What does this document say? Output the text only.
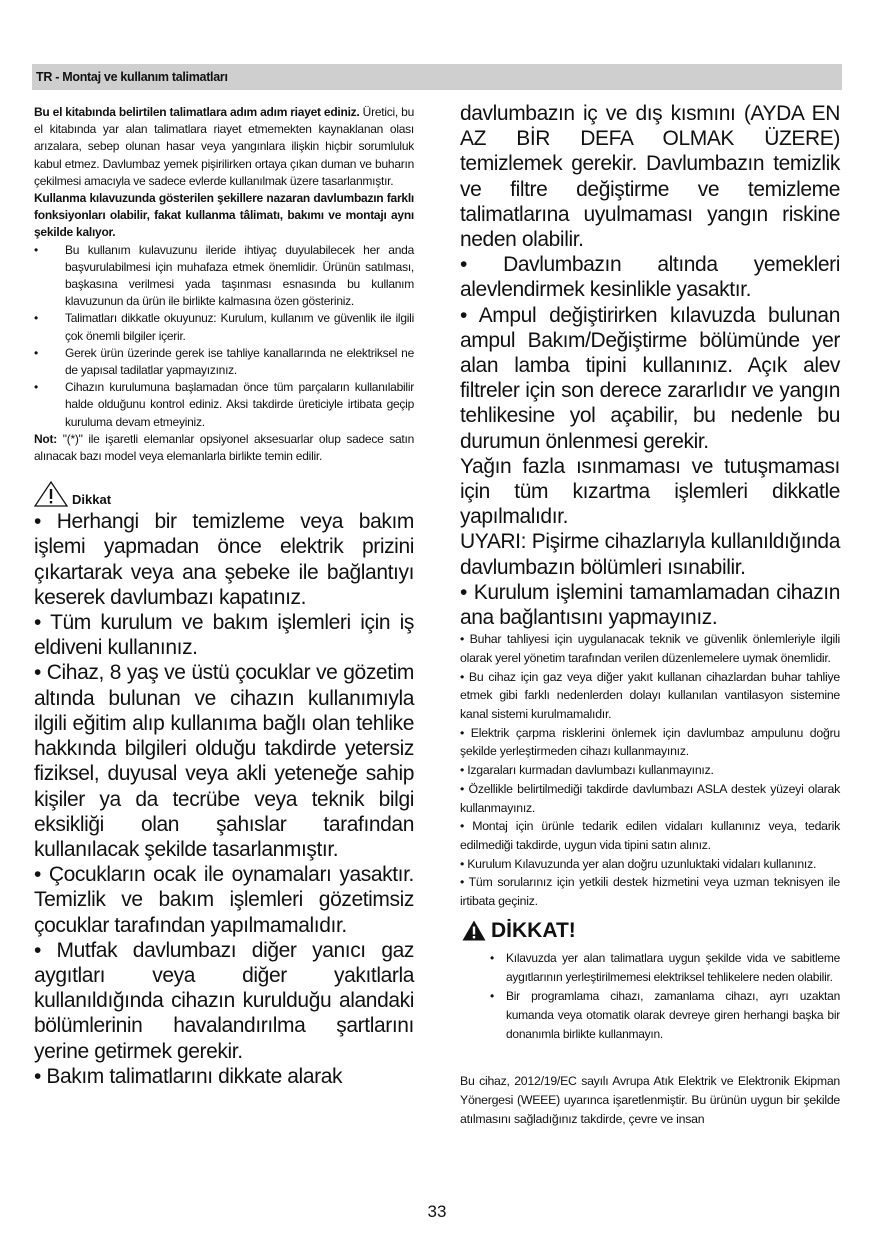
TR - Montaj ve kullanım talimatları
Bu el kitabında belirtilen talimatlara adım adım riayet ediniz. Üretici, bu el kitabında yar alan talimatlara riayet etmemekten kaynaklanan olası arızalara, sebep olunan hasar veya yangınlara ilişkin hiçbir sorumluluk kabul etmez. Davlumbaz yemek pişirilirken ortaya çıkan duman ve buharın çekilmesi amacıyla ve sadece evlerde kullanılmak üzere tasarlanmıştır.
Kullanma kılavuzunda gösterilen şekillere nazaran davlumbazın farklı fonksiyonları olabilir, fakat kullanma tâlimatı, bakımı ve montajı aynı şekilde kalıyor.
• Bu kullanım kulavuzunu ileride ihtiyaç duyulabilecek her anda başvurulabilmesi için muhafaza etmek önemlidir. Ürünün satılması, başkasına verilmesi yada taşınması esnasında bu kullanım klavuzunun da ürün ile birlikte kalmasına özen gösteriniz.
• Talimatları dikkatle okuyunuz: Kurulum, kullanım ve güvenlik ile ilgili çok önemli bilgiler içerir.
• Gerek ürün üzerinde gerek ise tahliye kanallarında ne elektriksel ne de yapısal tadilatlar yapmayızınız.
• Cihazın kurulumuna başlamadan önce tüm parçaların kullanılabilir halde olduğunu kontrol ediniz. Aksi takdirde üreticiyle irtibata geçip kuruluma devam etmeyiniz.
Not: "(*)" ile işaretli elemanlar opsiyonel aksesuarlar olup sadece satın alınacak bazı model veya elemanlarla birlikte temin edilir.
Dikkat

• Herhangi bir temizleme veya bakım işlemi yapmadan önce elektrik prizini çıkartarak veya ana şebeke ile bağlantıyı keserek davlumbazı kapatınız.

• Tüm kurulum ve bakım işlemleri için iş eldiveni kullanınız.

• Cihaz, 8 yaş ve üstü çocuklar ve gözetim altında bulunan ve cihazın kullanımıyla ilgili eğitim alıp kullanıma bağlı olan tehlike hakkında bilgileri olduğu takdirde yetersiz fiziksel, duyusal veya akli yeteneğe sahip kişiler ya da tecrübe veya teknik bilgi eksikliği olan şahıslar tarafından kullanılacak şekilde tasarlanmıştır.

• Çocukların ocak ile oynamaları yasaktır. Temizlik ve bakım işlemleri gözetimsiz çocuklar tarafından yapılmamalıdır.

• Mutfak davlumbazı diğer yanıcı gaz aygıtları veya diğer yakıtlarla kullanıldığında cihazın kurulduğu alandaki bölümlerinin havalandırılma şartlarını yerine getirmek gerekir.

• Bakım talimatlarını dikkate alarak

davlumbazın iç ve dış kısmını (AYDA EN AZ BİR DEFA OLMAK ÜZERE) temizlemek gerekir. Davlumbazın temizlik ve filtre değiştirme ve temizleme talimatlarına uyulmaması yangın riskine neden olabilir.

• Davlumbazın altında yemekleri alevlendirmek kesinlikle yasaktır.

• Ampul değiştirirken kılavuzda bulunan ampul Bakım/Değiştirme bölümünde yer alan lamba tipini kullanınız. Açık alev filtreler için son derece zararlıdır ve yangın tehlikesine yol açabilir, bu nedenle bu durumun önlenmesi gerekir.

Yağın fazla ısınmaması ve tutuşmaması için tüm kızartma işlemleri dikkatle yapılmalıdır.

UYARI: Pişirme cihazlarıyla kullanıldığında davlumbazın bölümleri ısınabilir.

• Kurulum işlemini tamamlamadan cihazın ana bağlantısını yapmayınız.

• Buhar tahliyesi için uygulanacak teknik ve güvenlik önlemleriyle ilgili olarak yerel yönetim tarafından verilen düzenlemelere uymak önemlidir.

• Bu cihaz için gaz veya diğer yakıt kullanan cihazlardan buhar tahliye etmek gibi farklı nedenlerden dolayı kullanılan vantilasyon sistemine kanal sistemi kurulmamalıdır.

• Elektrik çarpma risklerini önlemek için davlumbaz ampulunu doğru şekilde yerleştirmeden cihazı kullanmayınız.

• Izgaraları kurmadan davlumbazı kullanmayınız.

• Özellikle belirtilmediği takdirde davlumbazı ASLA destek yüzeyi olarak kullanmayınız.

• Montaj için ürünle tedarik edilen vidaları kullanınız veya, tedarik edilmediği takdirde, uygun vida tipini satın alınız.

• Kurulum Kılavuzunda yer alan doğru uzunluktaki vidaları kullanınız.

• Tüm sorularınız için yetkili destek hizmetini veya uzman teknisyen ile irtibata geçiniz.

DİKKAT!
• Kılavuzda yer alan talimatlara uygun şekilde vida ve sabitleme aygıtlarının yerleştirilmemesi elektriksel tehlikelere neden olabilir.
• Bir programlama cihazı, zamanlama cihazı, ayrı uzaktan kumanda veya otomatik olarak devreye giren herhangi başka bir donanımla birlikte kullanmayın.
Bu cihaz, 2012/19/EC sayılı Avrupa Atık Elektrik ve Elektronik Ekipman Yönergesi (WEEE) uyarınca işaretlenmiştir. Bu ürünün uygun bir şekilde atılmasını sağladığınız takdirde, çevre ve insan
33
